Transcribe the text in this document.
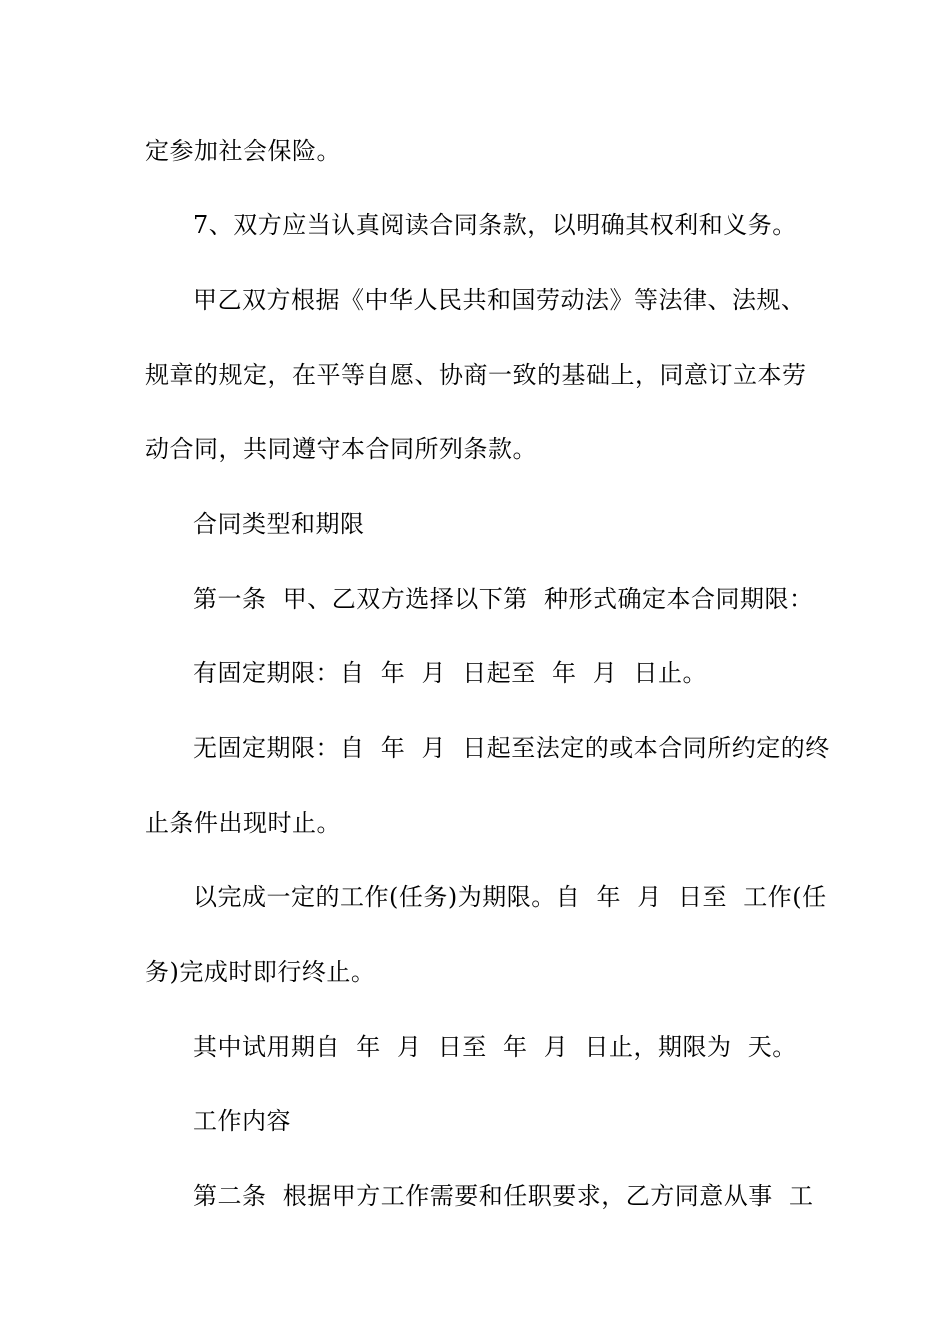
定参加社会保险。
7、双方应当认真阅读合同条款，以明确其权利和义务。
甲乙双方根据《中华人民共和国劳动法》等法律、法规、
规章的规定，在平等自愿、协商一致的基础上，同意订立本劳
动合同，共同遵守本合同所列条款。
合同类型和期限
第一条  甲、乙双方选择以下第  种形式确定本合同期限：
有固定期限：自  年  月  日起至  年  月  日止。
无固定期限：自  年  月  日起至法定的或本合同所约定的终
止条件出现时止。
以完成一定的工作(任务)为期限。自  年  月  日至  工作(任
务)完成时即行终止。
其中试用期自  年  月  日至  年  月  日止，期限为  天。
工作内容
第二条  根据甲方工作需要和任职要求，乙方同意从事  工
